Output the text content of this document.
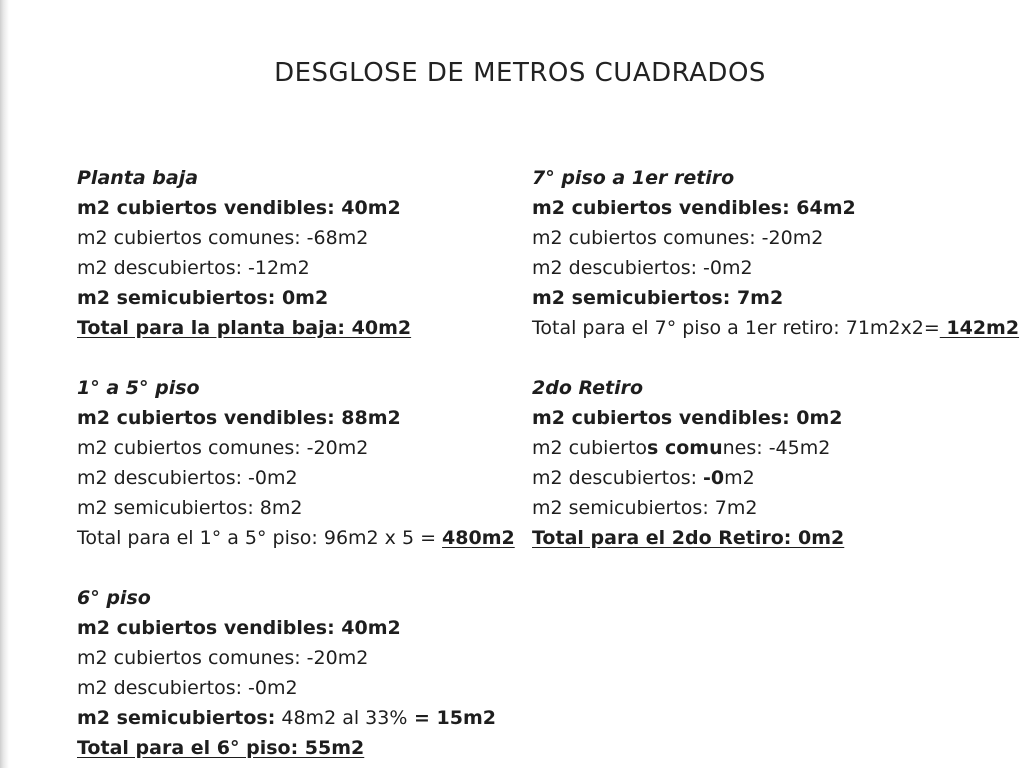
DESGLOSE DE METROS CUADRADOS
Planta baja
m2 cubiertos vendibles: 40m2
m2 cubiertos comunes: -68m2
m2 descubiertos: -12m2
m2 semicubiertos: 0m2
Total para la planta baja: 40m2
1° a 5° piso
m2 cubiertos vendibles: 88m2
m2 cubiertos comunes: -20m2
m2 descubiertos: -0m2
m2 semicubiertos: 8m2
Total para el 1° a 5° piso: 96m2 x 5 = 480m2
6° piso
m2 cubiertos vendibles: 40m2
m2 cubiertos comunes: -20m2
m2 descubiertos: -0m2
m2 semicubiertos: 48m2 al 33% = 15m2
Total para el 6° piso: 55m2
7° piso a 1er retiro
m2 cubiertos vendibles: 64m2
m2 cubiertos comunes: -20m2
m2 descubiertos: -0m2
m2 semicubiertos: 7m2
Total para el 7° piso a 1er retiro: 71m2x2= 142m2
2do Retiro
m2 cubiertos vendibles: 0m2
m2 cubiertos comunes: -45m2
m2 descubiertos: -0m2
m2 semicubiertos: 7m2
Total para el 2do Retiro: 0m2
